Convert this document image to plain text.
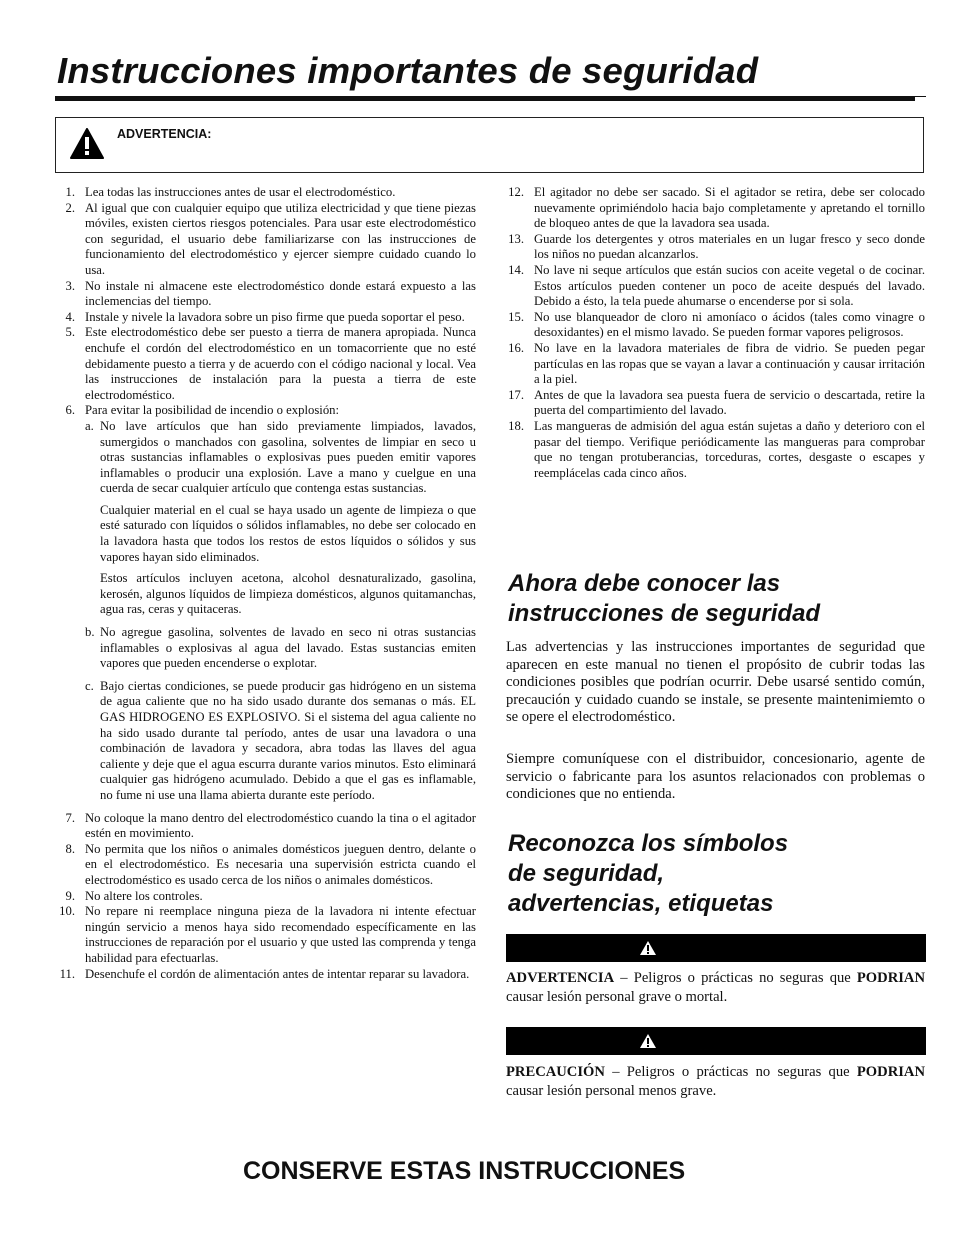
Instrucciones importantes de seguridad
ADVERTENCIA:
1. Lea todas las instrucciones antes de usar el electrodoméstico.
2. Al igual que con cualquier equipo que utiliza electricidad y que tiene piezas móviles, existen ciertos riesgos potenciales. Para usar este electrodoméstico con seguridad, el usuario debe familiarizarse con las instrucciones de funcionamiento del electrodoméstico y ejercer siempre cuidado cuando lo usa.
3. No instale ni almacene este electrodoméstico donde estará expuesto a las inclemencias del tiempo.
4. Instale y nivele la lavadora sobre un piso firme que pueda soportar el peso.
5. Este electrodoméstico debe ser puesto a tierra de manera apropiada. Nunca enchufe el cordón del electrodoméstico en un tomacorriente que no esté debidamente puesto a tierra y de acuerdo con el código nacional y local. Vea las instrucciones de instalación para la puesta a tierra de este electrodoméstico.
6. Para evitar la posibilidad de incendio o explosión:
a. No lave artículos que han sido previamente limpiados, lavados, sumergidos o manchados con gasolina, solventes de limpiar en seco u otras sustancias inflamables o explosivas pues pueden emitir vapores inflamables o producir una explosión. Lave a mano y cuelgue en una cuerda de secar cualquier artículo que contenga estas sustancias.
Cualquier material en el cual se haya usado un agente de limpieza o que esté saturado con líquidos o sólidos inflamables, no debe ser colocado en la lavadora hasta que todos los restos de estos líquidos o sólidos y sus vapores hayan sido eliminados.
Estos artículos incluyen acetona, alcohol desnaturalizado, gasolina, kerosén, algunos líquidos de limpieza domésticos, algunos quitamanchas, agua ras, ceras y quitaceras.
b. No agregue gasolina, solventes de lavado en seco ni otras sustancias inflamables o explosivas al agua del lavado. Estas sustancias emiten vapores que pueden encenderse o explotar.
c. Bajo ciertas condiciones, se puede producir gas hidrógeno en un sistema de agua caliente que no ha sido usado durante dos semanas o más. EL GAS HIDROGENO ES EXPLOSIVO. Si el sistema del agua caliente no ha sido usado durante tal período, antes de usar una lavadora o una combinación de lavadora y secadora, abra todas las llaves del agua caliente y deje que el agua escurra durante varios minutos. Esto eliminará cualquier gas hidrógeno acumulado. Debido a que el gas es inflamable, no fume ni use una llama abierta durante este período.
7. No coloque la mano dentro del electrodoméstico cuando la tina o el agitador estén en movimiento.
8. No permita que los niños o animales domésticos jueguen dentro, delante o en el electrodoméstico. Es necesaria una supervisión estricta cuando el electrodoméstico es usado cerca de los niños o animales domésticos.
9. No altere los controles.
10. No repare ni reemplace ninguna pieza de la lavadora ni intente efectuar ningún servicio a menos haya sido recomendado específicamente en las instrucciones de reparación por el usuario y que usted las comprenda y tenga habilidad para efectuarlas.
11. Desenchufe el cordón de alimentación antes de intentar reparar su lavadora.
12. El agitador no debe ser sacado. Si el agitador se retira, debe ser colocado nuevamente oprimiéndolo hacia bajo completamente y apretando el tornillo de bloqueo antes de que la lavadora sea usada.
13. Guarde los detergentes y otros materiales en un lugar fresco y seco donde los niños no puedan alcanzarlos.
14. No lave ni seque artículos que están sucios con aceite vegetal o de cocinar. Estos artículos pueden contener un poco de aceite después del lavado. Debido a ésto, la tela puede ahumarse o encenderse por si sola.
15. No use blanqueador de cloro ni amoníaco o ácidos (tales como vinagre o desoxidantes) en el mismo lavado. Se pueden formar vapores peligrosos.
16. No lave en la lavadora materiales de fibra de vidrio. Se pueden pegar partículas en las ropas que se vayan a lavar a continuación y causar irritación a la piel.
17. Antes de que la lavadora sea puesta fuera de servicio o descartada, retire la puerta del compartimiento del lavado.
18. Las mangueras de admisión del agua están sujetas a daño y deterioro con el pasar del tiempo. Verifique periódicamente las mangueras para comprobar que no tengan protuberancias, torceduras, cortes, desgaste o escapes y reemplácelas cada cinco años.
Ahora debe conocer las
instrucciones de seguridad

Las advertencias y las instrucciones importantes de seguridad que aparecen en este manual no tienen el propósito de cubrir todas las condiciones posibles que podrían ocurrir. Debe usarsé sentido común, precaución y cuidado cuando se instale, se presente maintenimiemto o se opere el electrodoméstico.

Siempre comuníquese con el distribuidor, concesionario, agente de servicio o fabricante para los asuntos relacionados con problemas o condiciones que no entienda.

Reconozca los símbolos
de seguridad,
advertencias, etiquetas

ADVERTENCIA – Peligros o prácticas no seguras que PODRIAN causar lesión personal grave o mortal.

PRECAUCIÓN – Peligros o prácticas no seguras que PODRIAN causar lesión personal menos grave.

CONSERVE ESTAS INSTRUCCIONES
